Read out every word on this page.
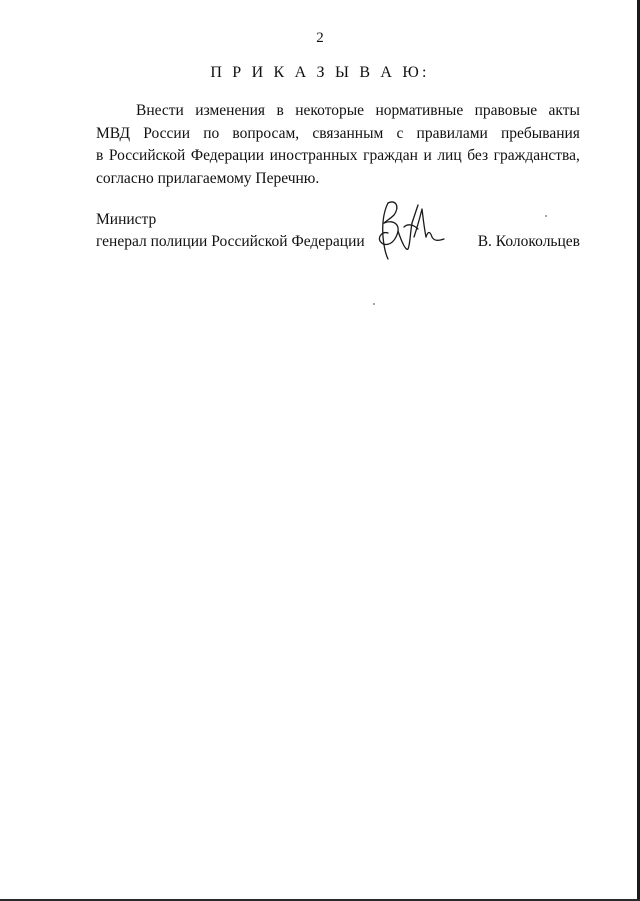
2
П Р И К А З Ы В А Ю:
Внести изменения в некоторые нормативные правовые акты
МВД России по вопросам, связанным с правилами пребывания
в Российской Федерации иностранных граждан и лиц без гражданства,
согласно прилагаемому Перечню.
Министр
генерал полиции Российской Федерации	В. Колокольцев
